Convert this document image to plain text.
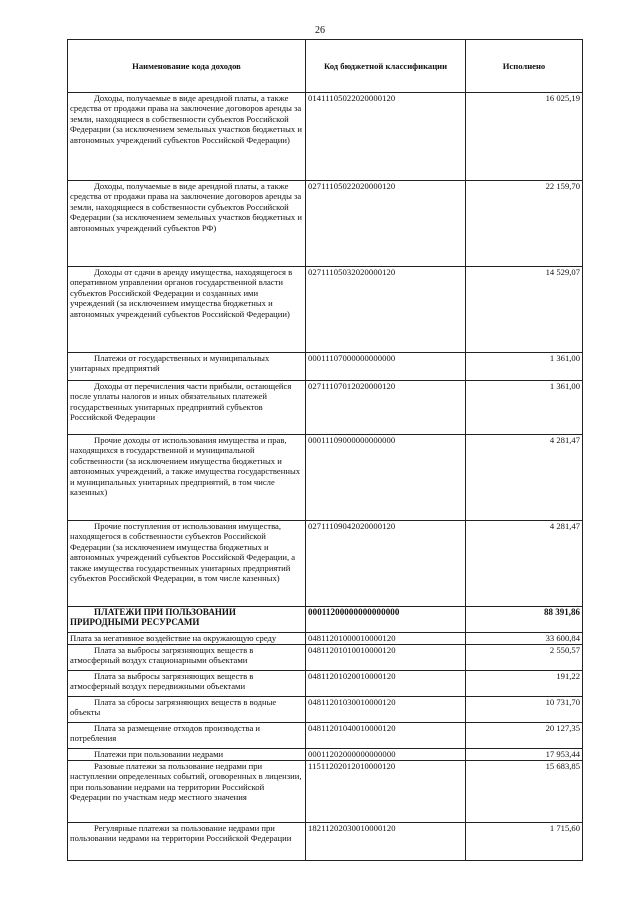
26
Наименование кода доходов	Код бюджетной классификации	Исполнено

Доходы, получаемые в виде арендной платы, а также средства от продажи права на заключение договоров аренды за земли, находящиеся в собственности субъектов Российской Федерации (за исключением земельных участков бюджетных и автономных учреждений субъектов Российской Федерации)	01411105022020000120	16 025,19

Доходы, получаемые в виде арендной платы, а также средства от продажи права на заключение договоров аренды за земли, находящиеся в собственности субъектов Российской Федерации (за исключением земельных участков бюджетных и автономных учреждений субъектов РФ)	02711105022020000120	22 159,70

Доходы от сдачи в аренду имущества, находящегося в оперативном управлении органов государственной власти субъектов Российской Федерации и созданных ими учреждений (за исключением имущества бюджетных и автономных учреждений субъектов Российской Федерации)	02711105032020000120	14 529,07

Платежи от государственных и муниципальных унитарных предприятий	00011107000000000000	1 361,00

Доходы от перечисления части прибыли, остающейся после уплаты налогов и иных обязательных платежей государственных унитарных предприятий субъектов Российской Федерации	02711107012020000120	1 361,00

Прочие доходы от использования имущества и прав, находящихся в государственной и муниципальной собственности (за исключением имущества бюджетных и автономных учреждений, а также имущества государственных и муниципальных унитарных предприятий, в том числе казенных)	00011109000000000000	4 281,47

Прочие поступления от использования имущества, находящегося в собственности субъектов Российской Федерации (за исключением имущества бюджетных и автономных учреждений субъектов Российской Федерации, а также имущества государственных унитарных предприятий субъектов Российской Федерации, в том числе казенных)	02711109042020000120	4 281,47

ПЛАТЕЖИ ПРИ ПОЛЬЗОВАНИИ ПРИРОДНЫМИ РЕСУРСАМИ	00011200000000000000	88 391,86

Плата за негативное воздействие на окружающую среду	04811201000010000120	33 600,84

Плата за выбросы загрязняющих веществ в атмосферный воздух стационарными объектами	04811201010010000120	2 550,57

Плата за выбросы загрязняющих веществ в атмосферный воздух передвижными объектами	04811201020010000120	191,22

Плата за сбросы загрязняющих веществ в водные объекты	04811201030010000120	10 731,70

Плата за размещение отходов производства и потребления	04811201040010000120	20 127,35

Платежи при пользовании недрами	00011202000000000000	17 953,44

Разовые платежи за пользование недрами при наступлении определенных событий, оговоренных в лицензии, при пользовании недрами на территории Российской Федерации по участкам недр местного значения	11511202012010000120	15 683,85

Регулярные платежи за пользование недрами при пользовании недрами на территории Российской Федерации	18211202030010000120	1 715,60
